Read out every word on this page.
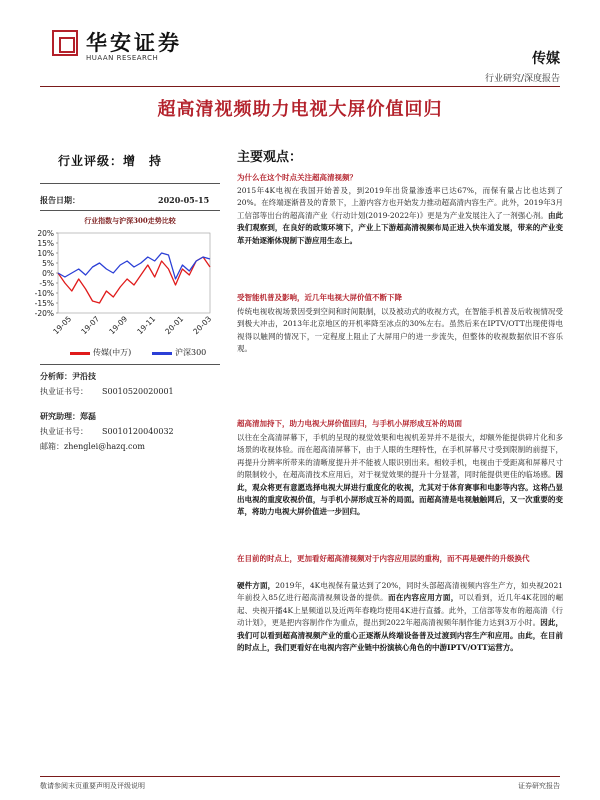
华安证券
HUAAN RESEARCH	传媒
行业研究/深度报告
超高清视频助力电视大屏价值回归
行业评级：增　持
报告日期：	2020-05-15
行业指数与沪深300走势比较
20%
15%
10%
5%
0%
-5%
-10%
-15%
-20%
19-05 19-07 19-09 19-11 20-01 20-03
传媒(中万)	沪深300
分析师：尹沿技
执业证书号： S0010520020001
研究助理：郑磊
执业证书号： S0010120040032
邮箱：zhenglei@hazq.com
主要观点：
为什么在这个时点关注超高清视频？
2015年4K电视在我国开始普及，到2019年出货量渗透率已达67%，而保有量占比也达到了20%。在终端逐渐普及的背景下，上游内容方也开始发力推动超高清内容生产。此外，2019年3月工信部等出台的超高清产业《行动计划(2019-2022年)》更是为产业发展注入了一剂强心剂。由此我们观察到，在良好的政策环境下，产业上下游超高清视频布局正进入快车道发展，带来的产业变革开始逐渐体现制下游应用生态上。
受智能机普及影响，近几年电视大屏价值不断下降
传统电视收视场景因受到空间和时间限制，以及被动式的收视方式，在智能手机普及后收视情况受到极大冲击，2013年北京地区的开机率降至冰点的30%左右。虽然后来在IPTV/OTT出现使得电视得以触网的情况下，一定程度上阻止了大屏用户的进一步流失，但整体的收视数据依旧不容乐观。
超高清加持下，助力电视大屏价值回归，与手机小屏形成互补的局面
以往在全高清屏幕下，手机的呈现的视觉效果和电视机差异并不是很大，却额外能提供碎片化和多场景的收视体验。而在超高清屏幕下，由于人眼的生理特性，在手机屏幕尺寸受到限制的前提下，再提升分辨率所带来的清晰度提升并不能被人眼识别出来。相较手机，电视由于受距离和屏幕尺寸的限制较小，在超高清技术应用后，对于视觉效果的提升十分显著，同时能提供更佳的临场感。因此，观众将更有意愿选择电视大屏进行重度化的收视，尤其对于体育赛事和电影等内容。这将凸显出电视的重度收视价值，与手机小屏形成互补的局面。而超高清是电视触触网后，又一次重要的变革，将助力电视大屏价值进一步回归。
在目前的时点上，更加看好超高清视频对于内容应用层的重构，而不再是硬件的升级换代
硬件方面，2019年，4K电视保有量达到了20%，同时头部超高清视频内容生产方，如央视2021年前投入85亿进行超高清视频设备的提供。而在内容应用方面，可以看到，近几年4K花园的崛起、央视开播4K上星频道以及近两年春晚均使用4K进行直播。此外，工信部等发布的超高清《行动计划》，更是把内容制作作为重点，提出到2022年超高清视频年制作能力达到3万小时。因此，我们可以看到超高清视频产业的重心正逐渐从终端设备普及过渡到内容生产和应用。由此，在目前的时点上，我们更看好在电视内容产业链中扮演核心角色的中游IPTV/OTT运营方。
敬请参阅末页重要声明及评级说明	证券研究报告
